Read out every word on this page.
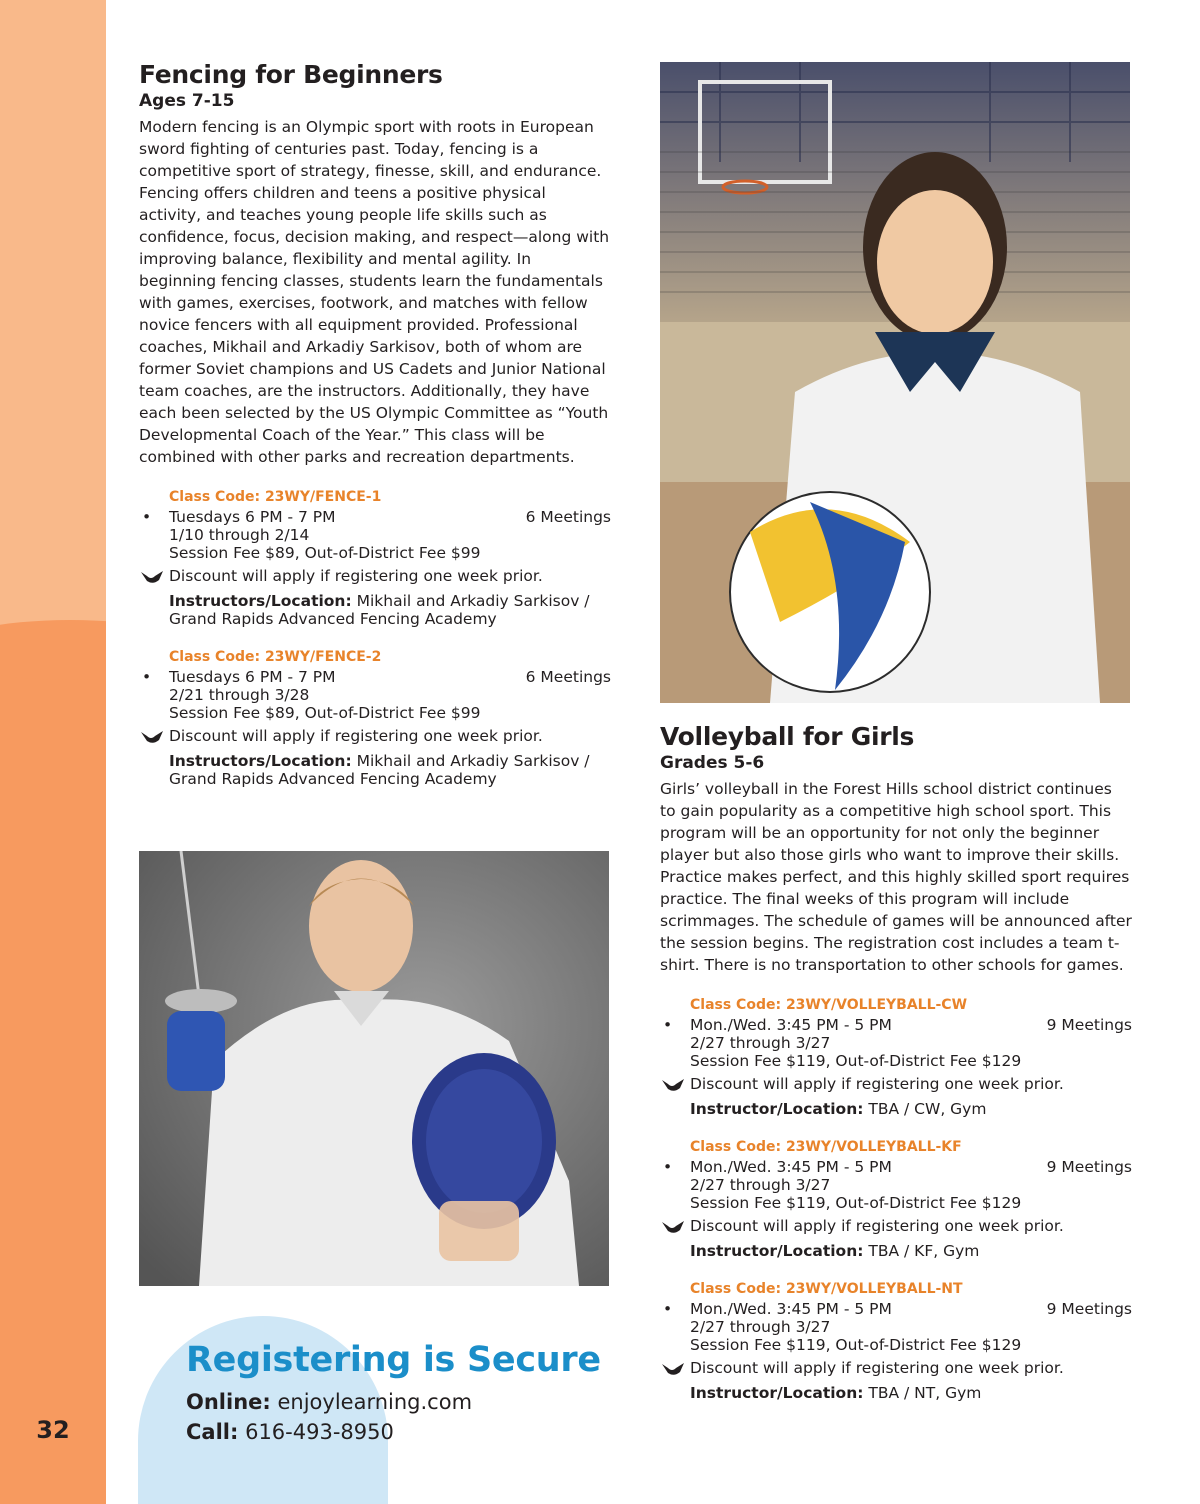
32
Fencing for Beginners
Ages 7-15
Modern fencing is an Olympic sport with roots in European sword fighting of centuries past. Today, fencing is a competitive sport of strategy, finesse, skill, and endurance. Fencing offers children and teens a positive physical activity, and teaches young people life skills such as confidence, focus, decision making, and respect—along with improving balance, flexibility and mental agility. In beginning fencing classes, students learn the fundamentals with games, exercises, footwork, and matches with fellow novice fencers with all equipment provided. Professional coaches, Mikhail and Arkadiy Sarkisov, both of whom are former Soviet champions and US Cadets and Junior National team coaches, are the instructors. Additionally, they have each been selected by the US Olympic Committee as “Youth Developmental Coach of the Year.” This class will be combined with other parks and recreation departments.
Class Code: 23WY/FENCE-1
• Tuesdays 6 PM - 7 PM	6 Meetings
1/10 through 2/14
Session Fee $89, Out-of-District Fee $99
Discount will apply if registering one week prior.
Instructors/Location: Mikhail and Arkadiy Sarkisov /
Grand Rapids Advanced Fencing Academy
Class Code: 23WY/FENCE-2
• Tuesdays 6 PM - 7 PM	6 Meetings
2/21 through 3/28
Session Fee $89, Out-of-District Fee $99
Discount will apply if registering one week prior.
Instructors/Location: Mikhail and Arkadiy Sarkisov /
Grand Rapids Advanced Fencing Academy
Volleyball for Girls
Grades 5-6
Girls’ volleyball in the Forest Hills school district continues to gain popularity as a competitive high school sport. This program will be an opportunity for not only the beginner player but also those girls who want to improve their skills. Practice makes perfect, and this highly skilled sport requires practice. The final weeks of this program will include scrimmages. The schedule of games will be announced after the session begins. The registration cost includes a team t-shirt. There is no transportation to other schools for games.
Class Code: 23WY/VOLLEYBALL-CW
• Mon./Wed. 3:45 PM - 5 PM	9 Meetings
2/27 through 3/27
Session Fee $119, Out-of-District Fee $129
Discount will apply if registering one week prior.
Instructor/Location: TBA / CW, Gym
Class Code: 23WY/VOLLEYBALL-KF
• Mon./Wed. 3:45 PM - 5 PM	9 Meetings
2/27 through 3/27
Session Fee $119, Out-of-District Fee $129
Discount will apply if registering one week prior.
Instructor/Location: TBA / KF, Gym
Class Code: 23WY/VOLLEYBALL-NT
• Mon./Wed. 3:45 PM - 5 PM	9 Meetings
2/27 through 3/27
Session Fee $119, Out-of-District Fee $129
Discount will apply if registering one week prior.
Instructor/Location: TBA / NT, Gym
Registering is Secure
Online: enjoylearning.com
Call: 616-493-8950
